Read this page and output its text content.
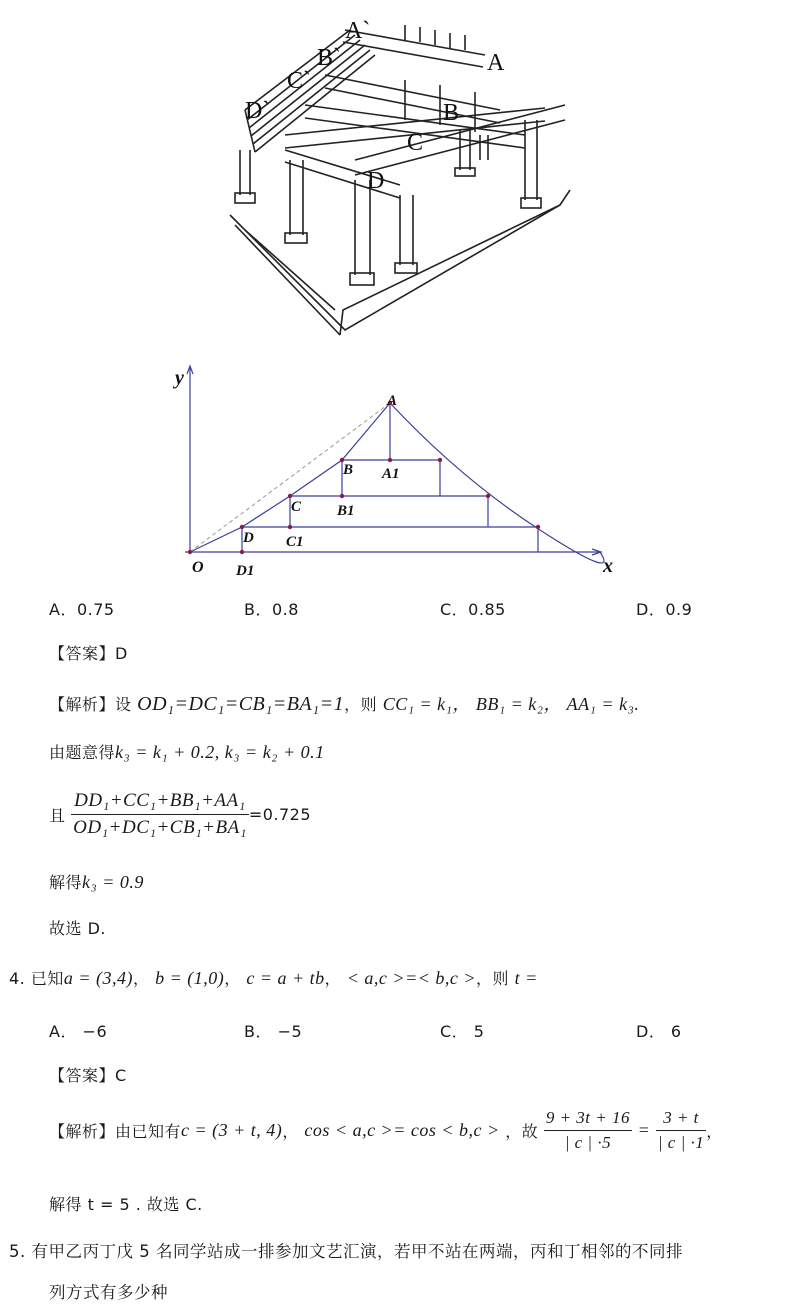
A`
A
B`
B
C`
C
D`
D
y
x
O
A
A1
B
B1
C
C1
D
D1
A．0.75	B．0.8	C．0.85	D．0.9
【答案】D
【解析】设 OD₁=DC₁=CB₁=BA₁=1，则 CC₁ = k₁， BB₁ = k₂， AA₁ = k₃.
由题意得k₃ = k₁ + 0.2, k₃ = k₂ + 0.1
且 $\frac{\text{DD₁+CC₁+BB₁+AA₁}}{\text{OD₁+DC₁+CB₁+BA₁}} =0.725$
解得k₃ = 0.9
故选 D.
4. 已知a = (3,4)， b = (1,0)， c = a + tb， < a,c >=< b,c >，则 t =
A． −6	B． −5	C． 5	D． 6
【答案】C
【解析】由已知有c = (3 + t, 4)， cos < a,c >= cos < b,c > ，故 $\frac{9 + 3t + 16}{| c | \cdot 5} = \frac{3 + t}{| c | \cdot 1}$ ，
解得 t = 5 . 故选 C.
5. 有甲乙丙丁戊 5 名同学站成一排参加文艺汇演，若甲不站在两端，丙和丁相邻的不同排
列方式有多少种
